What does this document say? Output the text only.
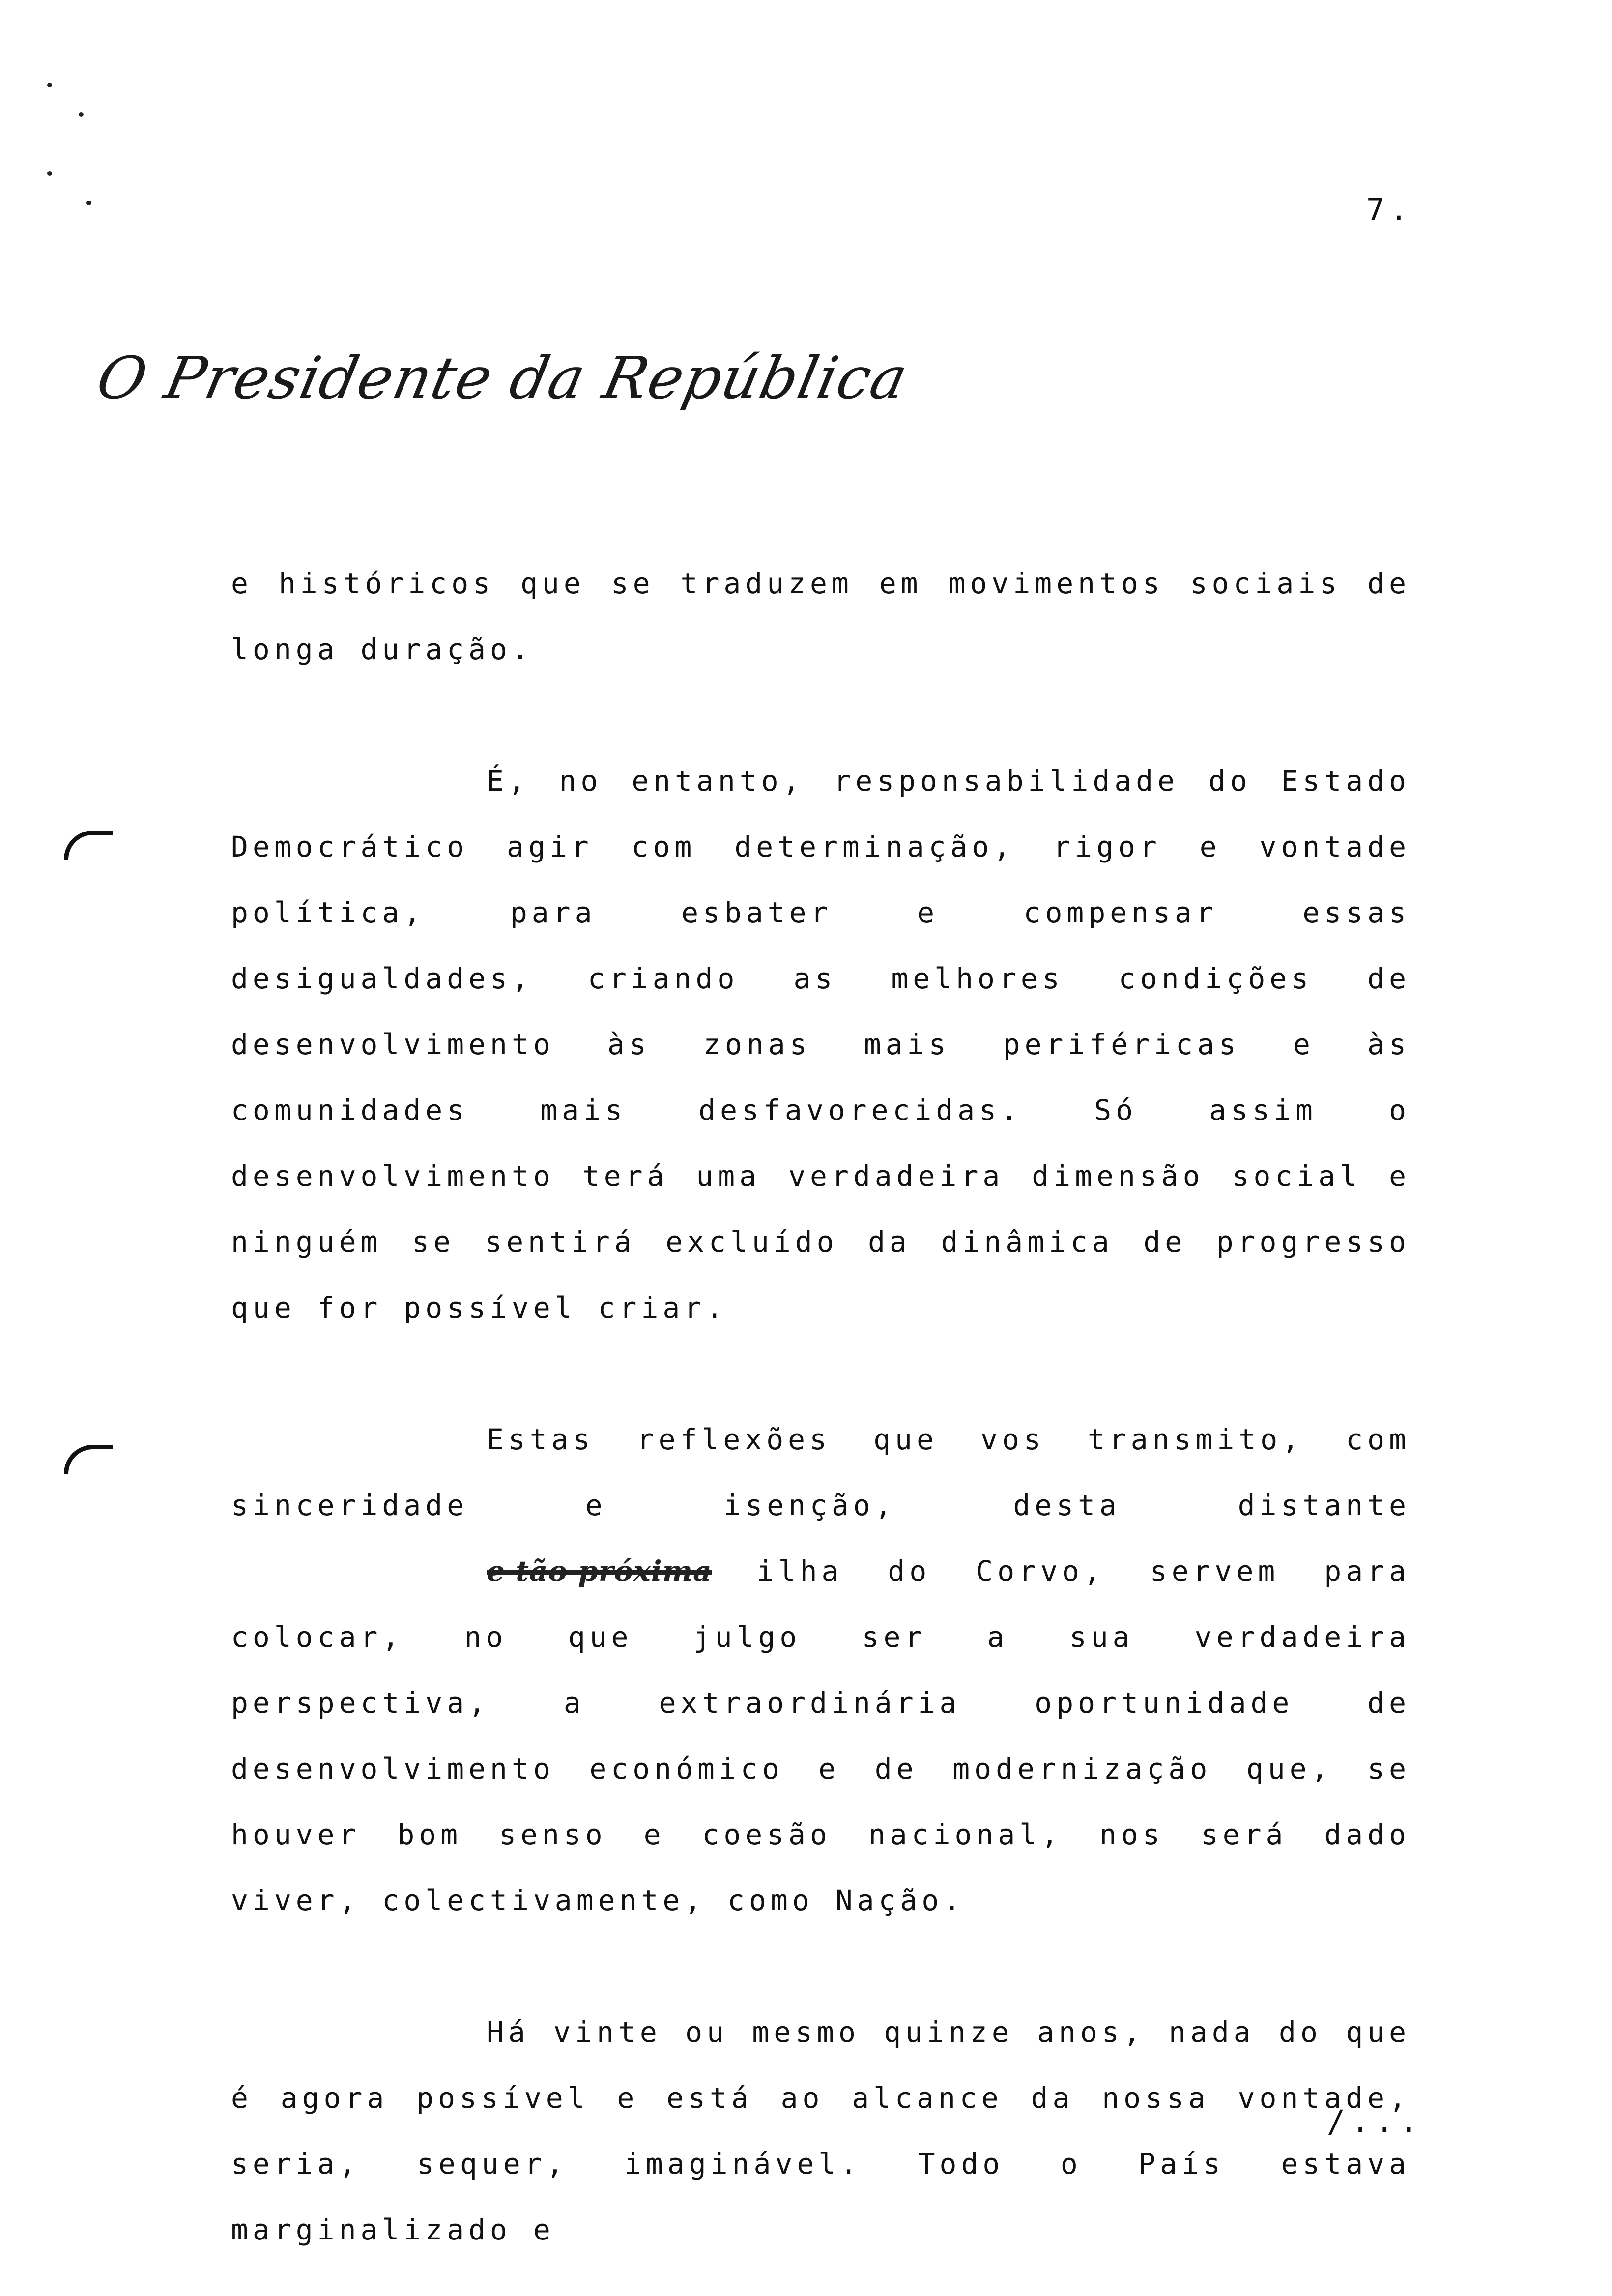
7.
O Presidente da República

e históricos que se traduzem em movimentos sociais de longa duração.

É, no entanto, responsabilidade do Estado Democrático agir com determinação, rigor e vontade política, para esbater e compensar essas desigualdades, criando as melhores condições de desenvolvimento às zonas mais periféricas e às comunidades mais desfavorecidas. Só assim o desenvolvimento terá uma verdadeira dimensão social e ninguém se sentirá excluído da dinâmica de progresso que for possível criar.

Estas reflexões que vos transmito, com sinceridade e isenção, desta distante e tão próxima ilha do Corvo, servem para colocar, no que julgo ser a sua verdadeira perspectiva, a extraordinária oportunidade de desenvolvimento económico e de modernização que, se houver bom senso e coesão nacional, nos será dado viver, colectivamente, como Nação.

Há vinte ou mesmo quinze anos, nada do que é agora possível e está ao alcance da nossa vontade, seria, sequer, imaginável. Todo o País estava marginalizado e

/...
